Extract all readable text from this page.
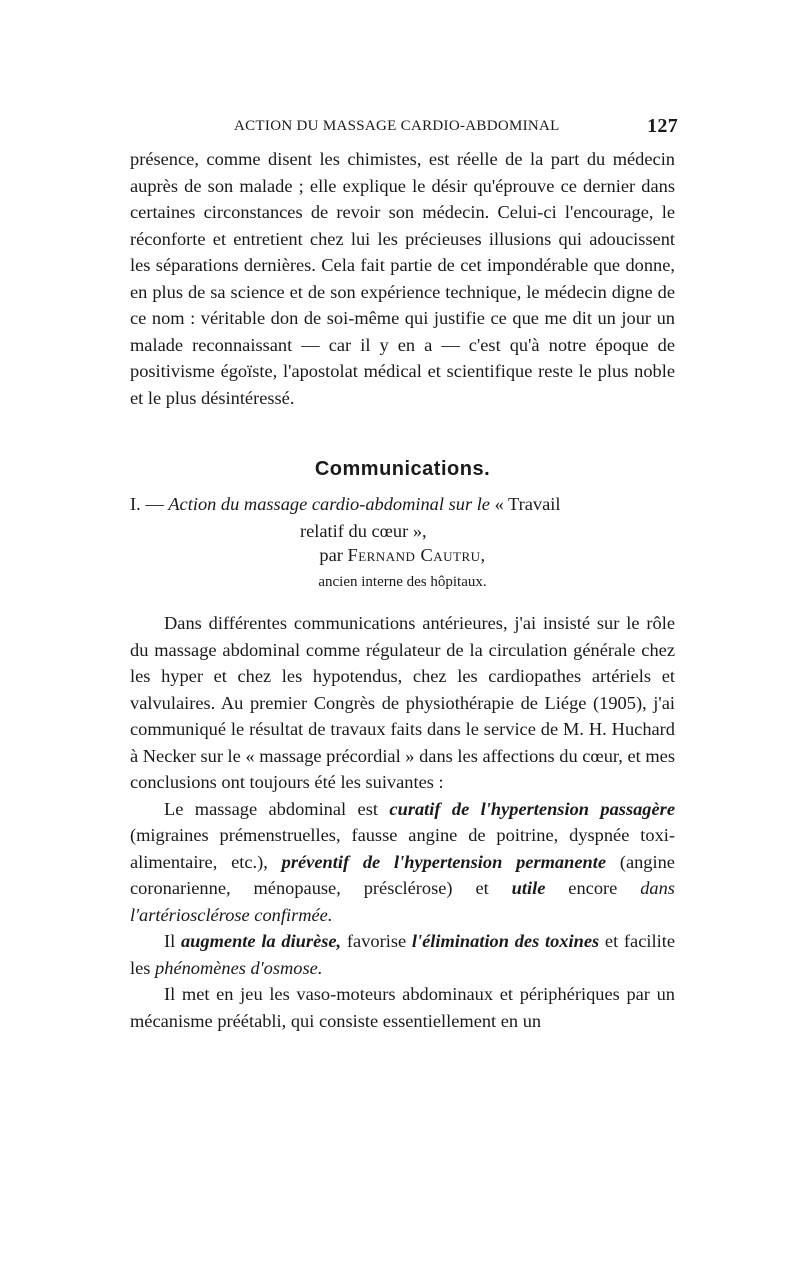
ACTION DU MASSAGE CARDIO-ABDOMINAL	127

présence, comme disent les chimistes, est réelle de la part du médecin auprès de son malade ; elle explique le désir qu'éprouve ce dernier dans certaines circonstances de revoir son médecin. Celui-ci l'encourage, le réconforte et entretient chez lui les précieuses illusions qui adoucissent les séparations dernières. Cela fait partie de cet impondérable que donne, en plus de sa science et de son expérience technique, le médecin digne de ce nom : véritable don de soi-même qui justifie ce que me dit un jour un malade reconnaissant — car il y en a — c'est qu'à notre époque de positivisme égoïste, l'apostolat médical et scientifique reste le plus noble et le plus désintéressé.

Communications.
I. — Action du massage cardio-abdominal sur le « Travail
relatif du cœur »,
par Fernand Cautru,
ancien interne des hôpitaux.

Dans différentes communications antérieures, j'ai insisté sur le rôle du massage abdominal comme régulateur de la circulation générale chez les hyper et chez les hypotendus, chez les cardiopathes artériels et valvulaires. Au premier Congrès de physiothérapie de Liége (1905), j'ai communiqué le résultat de travaux faits dans le service de M. H. Huchard à Necker sur le « massage précordial » dans les affections du cœur, et mes conclusions ont toujours été les suivantes :

Le massage abdominal est curatif de l'hypertension passagère (migraines prémenstruelles, fausse angine de poitrine, dyspnée toxi-alimentaire, etc.), préventif de l'hypertension permanente (angine coronarienne, ménopause, présclérose) et utile encore dans l'artériosclérose confirmée.

Il augmente la diurèse, favorise l'élimination des toxines et facilite les phénomènes d'osmose.

Il met en jeu les vaso-moteurs abdominaux et périphériques par un mécanisme préétabli, qui consiste essentiellement en un
